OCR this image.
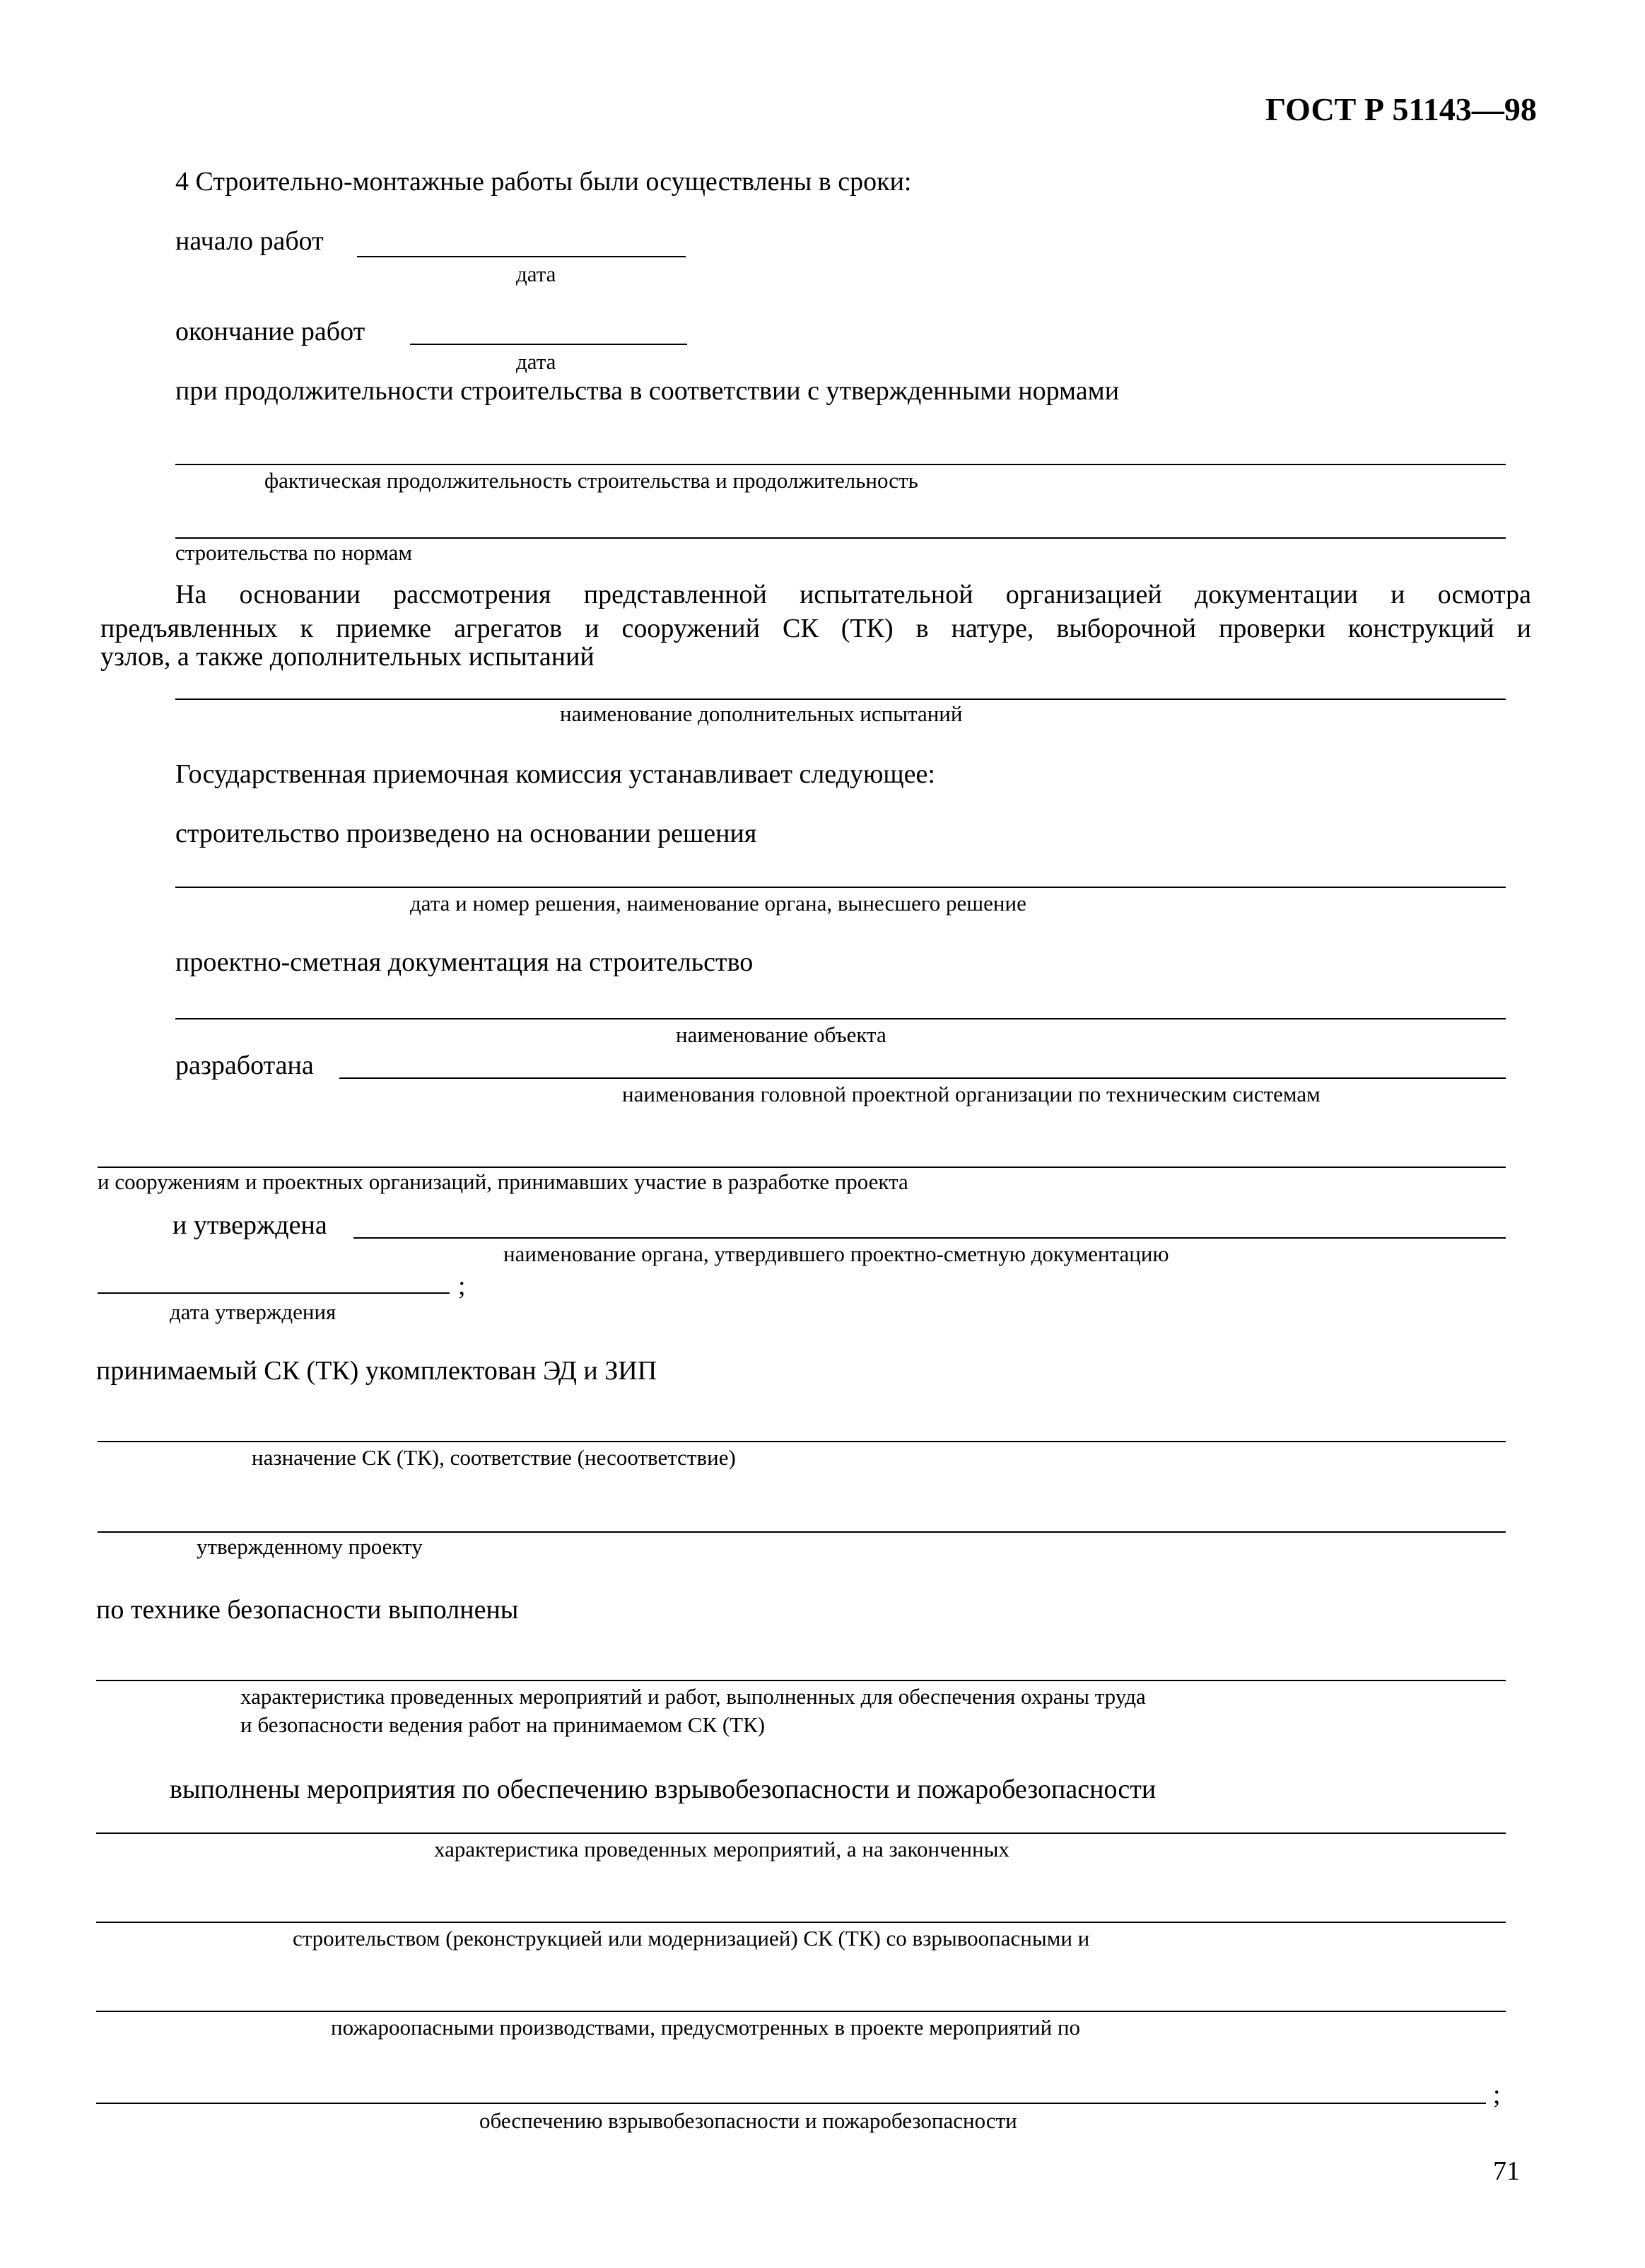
ГОСТ Р 51143—98
4 Строительно-монтажные работы были осуществлены в сроки:
начало работ
дата
окончание работ
дата
при продолжительности строительства в соответствии с утвержденными нормами
фактическая продолжительность строительства и продолжительность
строительства по нормам
На основании рассмотрения представленной испытательной организацией документации и осмотра
предъявленных к приемке агрегатов и сооружений СК (ТК) в натуре, выборочной проверки конструкций и
узлов, а также дополнительных испытаний
наименование дополнительных испытаний
Государственная приемочная комиссия устанавливает следующее:
строительство произведено на основании решения
дата и номер решения, наименование органа, вынесшего решение
проектно-сметная документация на строительство
наименование объекта
разработана
наименования головной проектной организации по техническим системам
и сооружениям и проектных организаций, принимавших участие в разработке проекта
и утверждена
наименование органа, утвердившего проектно-сметную документацию
;
дата утверждения
принимаемый СК (ТК) укомплектован ЭД и ЗИП
назначение СК (ТК), соответствие (несоответствие)
утвержденному проекту
по технике безопасности выполнены
характеристика проведенных мероприятий и работ, выполненных для обеспечения охраны труда
и безопасности ведения работ на принимаемом СК (ТК)
выполнены мероприятия по обеспечению взрывобезопасности и пожаробезопасности
характеристика проведенных мероприятий, а на законченных
строительством (реконструкцией или модернизацией) СК (ТК) со взрывоопасными и
пожароопасными производствами, предусмотренных в проекте мероприятий по
;
обеспечению взрывобезопасности и пожаробезопасности
71
